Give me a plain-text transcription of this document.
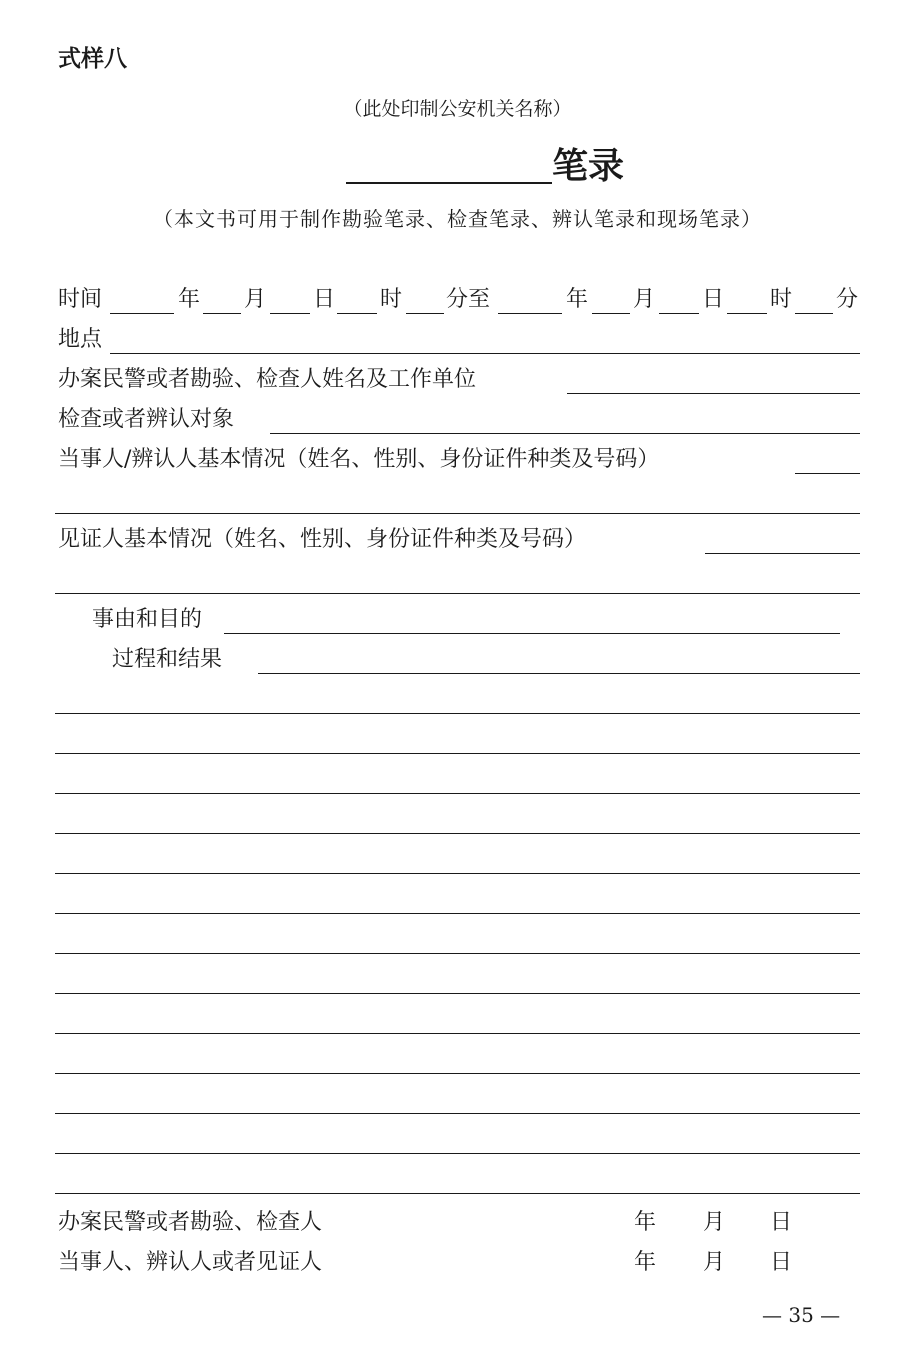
式样八
（此处印制公安机关名称）
笔录
（本文书可用于制作勘验笔录、检查笔录、辨认笔录和现场笔录）
时间	年 月 日 时 分至	年 月 日 时 分
地点
办案民警或者勘验、检查人姓名及工作单位
检查或者辨认对象
当事人/辨认人基本情况（姓名、性别、身份证件种类及号码）
见证人基本情况（姓名、性别、身份证件种类及号码）
事由和目的
过程和结果
办案民警或者勘验、检查人	年 月 日
当事人、辨认人或者见证人	年 月 日
— 35 —
